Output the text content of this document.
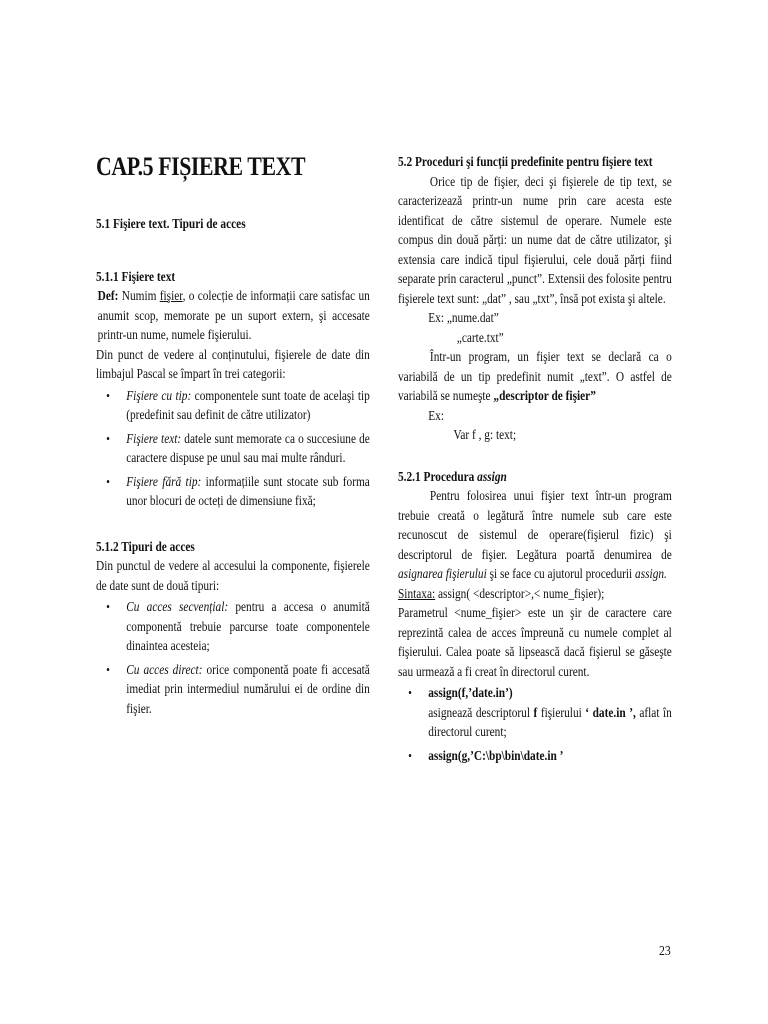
CAP.5 FIȘIERE TEXT

5.1 Fişiere text. Tipuri de acces

5.1.1 Fişiere text

Def: Numim fişier, o colecție de informații care satisfac un anumit scop, memorate pe un suport extern, şi accesate printr-un nume, numele fişierului.

Din punct de vedere al conținutului, fişierele de date din limbajul Pascal se împart în trei categorii:

• Fişiere cu tip: componentele sunt toate de acelaşi tip (predefinit sau definit de către utilizator)
• Fişiere text: datele sunt memorate ca o succesiune de caractere dispuse pe unul sau mai multe rânduri.
• Fişiere fără tip: informațiile sunt stocate sub forma unor blocuri de octeți de dimensiune fixă;

5.1.2 Tipuri de acces

Din punctul de vedere al accesului la componente, fişierele de date sunt de două tipuri:

• Cu acces secvențial: pentru a accesa o anumită componentă trebuie parcurse toate componentele dinaintea acesteia;
• Cu acces direct: orice componentă poate fi accesată imediat prin intermediul numărului ei de ordine din fişier.

5.2 Proceduri şi funcții predefinite pentru fişiere text

Orice tip de fişier, deci şi fişierele de tip text, se caracterizează printr-un nume prin care acesta este identificat de către sistemul de operare. Numele este compus din două părți: un nume dat de către utilizator, şi extensia care indică tipul fişierului, cele două părți fiind separate prin caracterul „punct”. Extensii des folosite pentru fişierele text sunt: „dat” , sau „txt”, însă pot exista şi altele.

Ex: „nume.dat”

„carte.txt”

Într-un program, un fişier text se declară ca o variabilă de un tip predefinit numit „text”. O astfel de variabilă se numeşte „descriptor de fişier”

Ex:

Var f , g: text;

5.2.1 Procedura assign

Pentru folosirea unui fişier text într-un program trebuie creată o legătură între numele sub care este recunoscut de sistemul de operare(fişierul fizic) şi descriptorul de fişier. Legătura poartă denumirea de asignarea fişierului şi se face cu ajutorul procedurii assign.

Sintaxa: assign( <descriptor>,< nume_fişier);

Parametrul <nume_fişier> este un şir de caractere care reprezintă calea de acces împreună cu numele complet al fişierului. Calea poate să lipsească dacă fişierul se găseşte sau urmează a fi creat în directorul curent.

• assign(f,’date.in’)
asignează descriptorul f fişierului ‘ date.in ’, aflat în directorul curent;
• assign(g,’C:\bp\bin\date.in ’
23
